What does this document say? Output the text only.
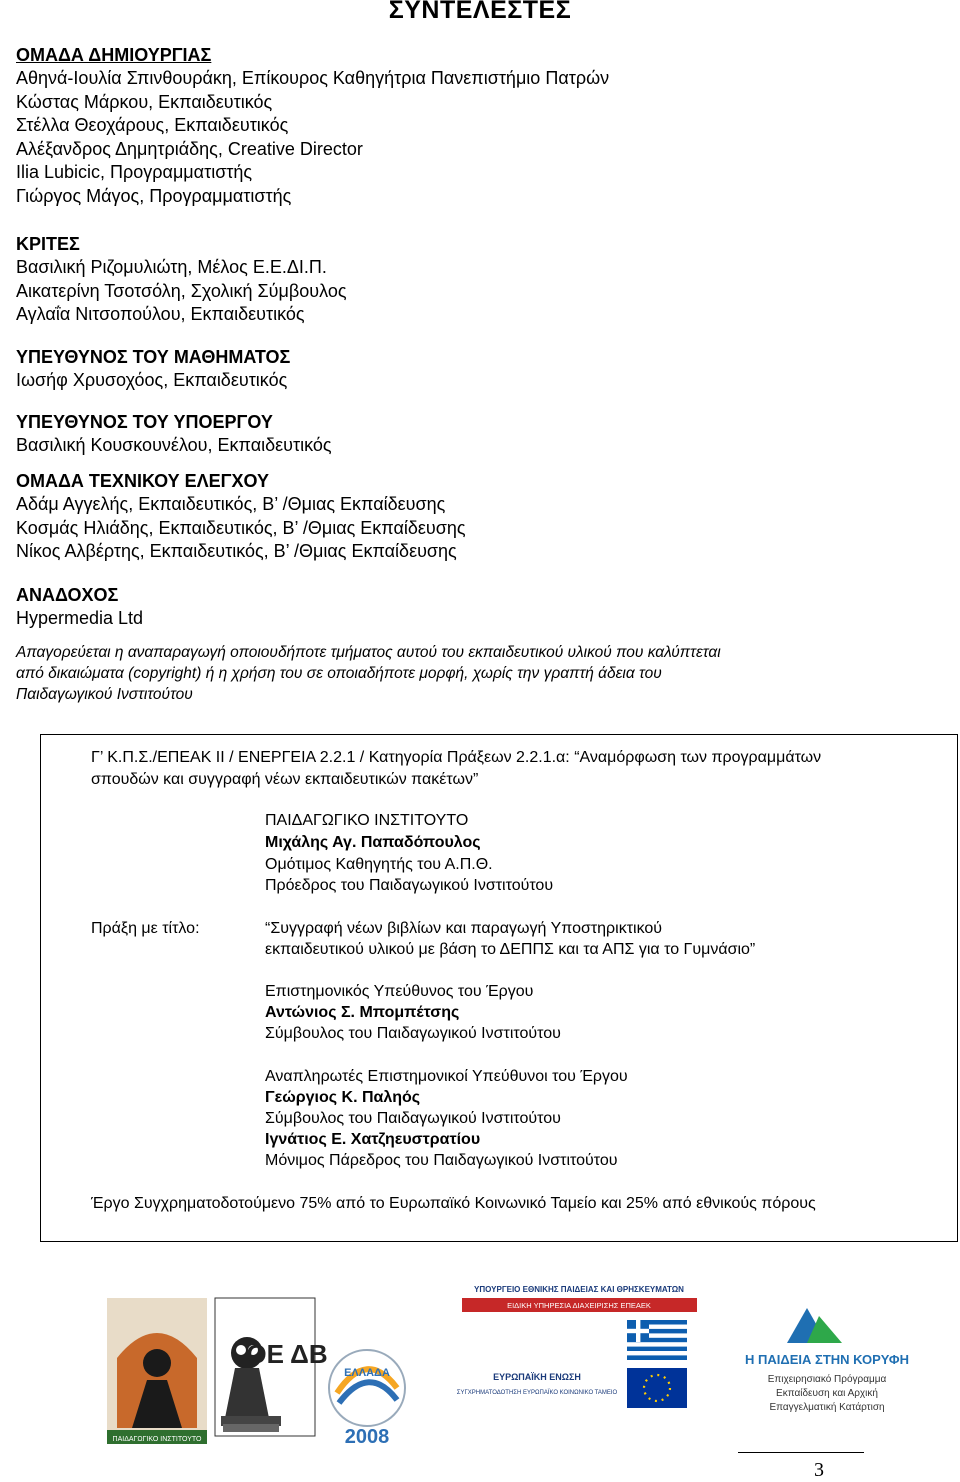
ΣΥΝΤΕΛΕΣΤΕΣ
ΟΜΑΔΑ ΔΗΜΙΟΥΡΓΙΑΣ
Αθηνά-Ιουλία Σπινθουράκη, Επίκουρος Καθηγήτρια Πανεπιστήμιο Πατρών
Κώστας Μάρκου, Εκπαιδευτικός
Στέλλα Θεοχάρους, Εκπαιδευτικός
Αλέξανδρος Δημητριάδης, Creative Director
Ilia Lubicic, Προγραμματιστής
Γιώργος Μάγος, Προγραμματιστής
ΚΡΙΤΕΣ
Βασιλική Ριζομυλιώτη, Μέλος Ε.Ε.ΔΙ.Π.
Αικατερίνη Τσοτσόλη, Σχολική Σύμβουλος
Αγλαΐα Νιτσοπούλου, Εκπαιδευτικός
ΥΠΕΥΘΥΝΟΣ ΤΟΥ ΜΑΘΗΜΑΤΟΣ
Ιωσήφ Χρυσοχόος, Εκπαιδευτικός
ΥΠΕΥΘΥΝΟΣ ΤΟΥ ΥΠΟΕΡΓΟΥ
Βασιλική Κουσκουνέλου, Εκπαιδευτικός
ΟΜΑΔΑ ΤΕΧΝΙΚΟΥ ΕΛΕΓΧΟΥ
Αδάμ Αγγελής, Εκπαιδευτικός, Β’ /Θμιας Εκπαίδευσης
Κοσμάς Ηλιάδης, Εκπαιδευτικός, Β’ /Θμιας Εκπαίδευσης
Νίκος Αλβέρτης, Εκπαιδευτικός, Β’ /Θμιας Εκπαίδευσης
ΑΝΑΔΟΧΟΣ
Hypermedia Ltd
Απαγορεύεται η αναπαραγωγή οποιουδήποτε τμήματος αυτού του εκπαιδευτικού υλικού που καλύπτεται
από δικαιώματα (copyright) ή η χρήση του σε οποιαδήποτε μορφή, χωρίς την γραπτή άδεια του
Παιδαγωγικού Ινστιτούτου
Γ’ Κ.Π.Σ./ΕΠΕΑΚ ΙΙ / ΕΝΕΡΓΕΙΑ 2.2.1 / Κατηγορία Πράξεων 2.2.1.α: “Αναμόρφωση των προγραμμάτων
σπουδών και συγγραφή νέων εκπαιδευτικών πακέτων”
ΠΑΙΔΑΓΩΓΙΚΟ ΙΝΣΤΙΤΟΥΤΟ
Μιχάλης Αγ. Παπαδόπουλος
Ομότιμος Καθηγητής του Α.Π.Θ.
Πρόεδρος του Παιδαγωγικού Ινστιτούτου
Πράξη με τίτλο:	“Συγγραφή νέων βιβλίων και παραγωγή Υποστηρικτικού
εκπαιδευτικού υλικού με βάση το ΔΕΠΠΣ και τα ΑΠΣ για το Γυμνάσιο”
Επιστημονικός Υπεύθυνος του Έργου
Αντώνιος Σ. Μπομπέτσης
Σύμβουλος του Παιδαγωγικού Ινστιτούτου
Αναπληρωτές Επιστημονικοί Υπεύθυνοι του Έργου
Γεώργιος Κ. Παληός
Σύμβουλος του Παιδαγωγικού Ινστιτούτου
Ιγνάτιος Ε. Χατζηευστρατίου
Μόνιμος Πάρεδρος του Παιδαγωγικού Ινστιτούτου
Έργο Συγχρηματοδοτούμενο 75% από το Ευρωπαϊκό Κοινωνικό Ταμείο και 25% από εθνικούς πόρους
ΠΑΙΔΑΓΩΓΙΚΟ ΙΝΣΤΙΤΟΥΤΟ
ΟΕ ΔΒ
ΕΛΛΑΔΑ
2008
ΥΠΟΥΡΓΕΙΟ ΕΘΝΙΚΗΣ ΠΑΙΔΕΙΑΣ ΚΑΙ ΘΡΗΣΚΕΥΜΑΤΩΝ
ΕΙΔΙΚΗ ΥΠΗΡΕΣΙΑ ΔΙΑΧΕΙΡΙΣΗΣ ΕΠΕΑΕΚ
ΕΥΡΩΠΑΪΚΗ ΕΝΩΣΗ
ΣΥΓΧΡΗΜΑΤΟΔΟΤΗΣΗ ΕΥΡΩΠΑΪΚΟ ΚΟΙΝΩΝΙΚΟ ΤΑΜΕΙΟ
Η ΠΑΙΔΕΙΑ ΣΤΗΝ ΚΟΡΥΦΗ
Επιχειρησιακό Πρόγραμμα
Εκπαίδευση και Αρχική
Επαγγελματική Κατάρτιση
3
